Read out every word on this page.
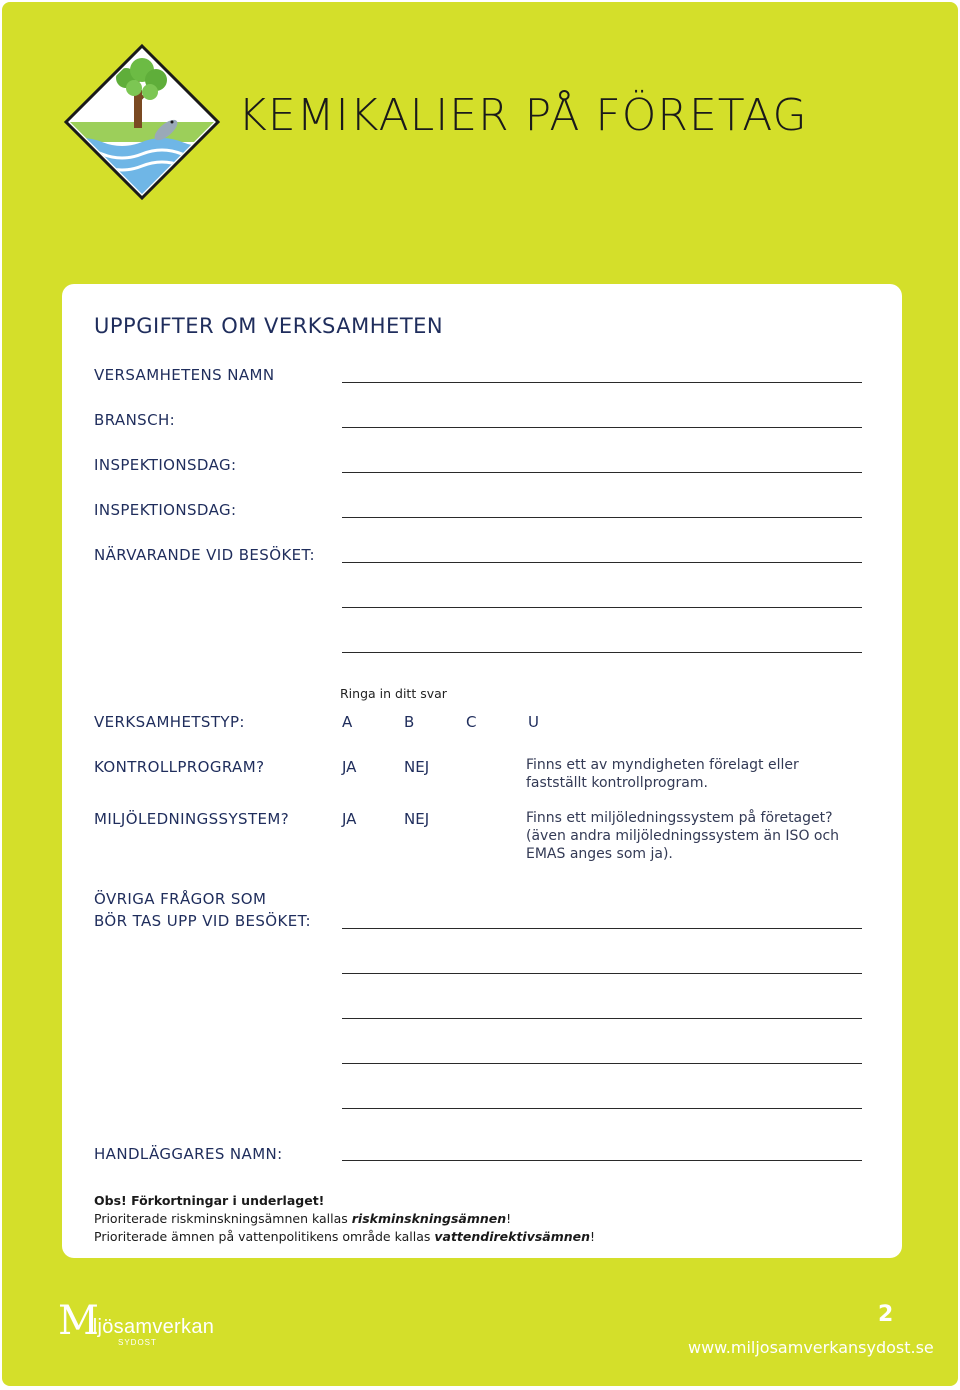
KEMIKALIER PÅ FÖRETAG
UPPGIFTER OM VERKSAMHETEN
VERSAMHETENS NAMN
BRANSCH:
INSPEKTIONSDAG:
INSPEKTIONSDAG:
NÄRVARANDE VID BESÖKET:
Ringa in ditt svar
VERKSAMHETSTYP:	A	B	C	U
KONTROLLPROGRAM?	JA	NEJ	Finns ett av myndigheten förelagt eller fastställt kontrollprogram.
MILJÖLEDNINGSSYSTEM?	JA	NEJ	Finns ett miljöledningssystem på företaget? (även andra miljöledningssystem än ISO och EMAS anges som ja).
ÖVRIGA FRÅGOR SOM
BÖR TAS UPP VID BESÖKET:
HANDLÄGGARES NAMN:
Obs! Förkortningar i underlaget!
Prioriterade riskminskningsämnen kallas riskminskningsämnen!
Prioriterade ämnen på vattenpolitikens område kallas vattendirektivsämnen!
M
iljösamverkan
SYDOST
2
www.miljosamverkansydost.se
